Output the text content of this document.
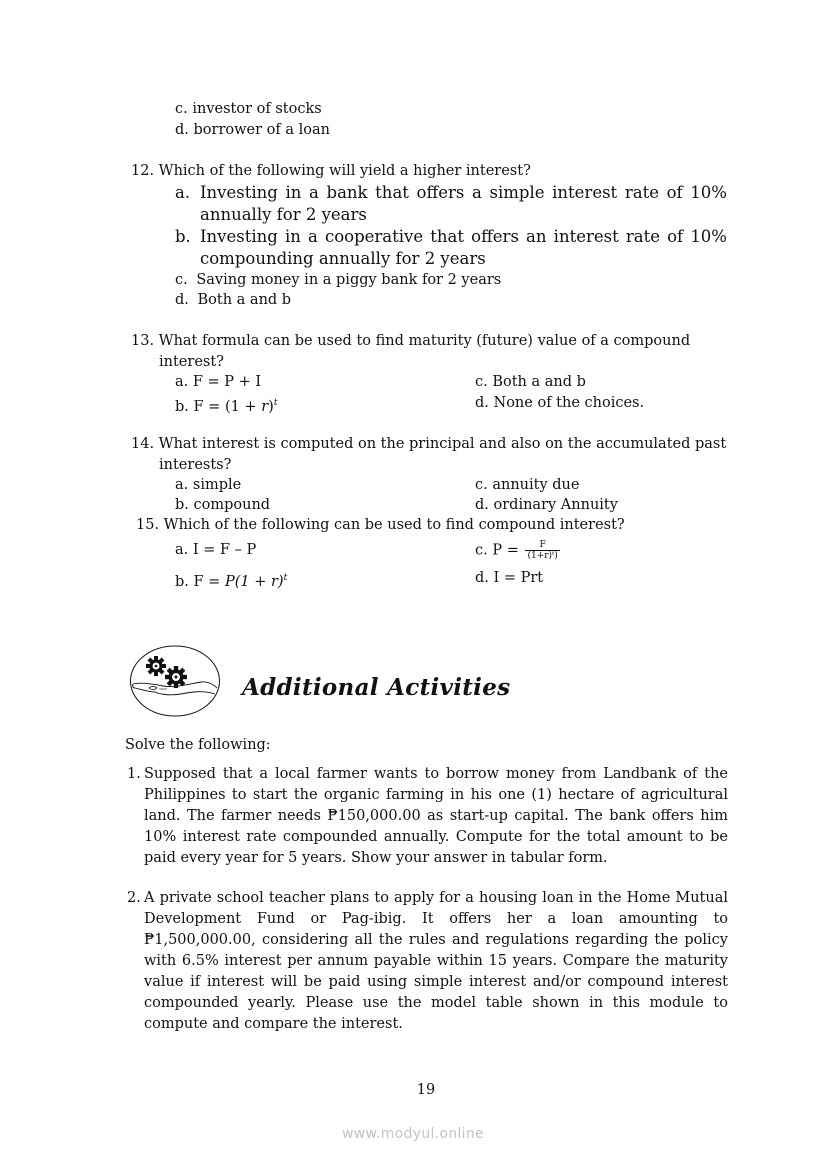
c. investor of stocks
d. borrower of a loan
12. Which of the following will yield a higher interest?
a. Investing in a bank that offers a simple interest rate of 10%
annually for 2 years
b. Investing in a cooperative that offers an interest rate of 10%
compounding annually for 2 years
c. Saving money in a piggy bank for 2 years
d. Both a and b
13. What formula can be used to find maturity (future) value of a compound
interest?
a. F = P + I
b. $F = (1 + r)^t$
c. Both a and b
d. None of the choices.
14. What interest is computed on the principal and also on the accumulated past
interests?
a. simple
b. compound
c. annuity due
d. ordinary Annuity
15. Which of the following can be used to find compound interest?
a. I = F – P
b. $F = P(1 + r)^t$
c. $P = \frac{F}{\text{(1+r)ᵗ)}}$
d. I = Prt
Additional Activities
Solve the following:
1. Supposed that a local farmer wants to borrow money from Landbank of the Philippines to start the organic farming in his one (1) hectare of agricultural land. The farmer needs ₱150,000.00 as start-up capital. The bank offers him 10% interest rate compounded annually. Compute for the total amount to be paid every year for 5 years. Show your answer in tabular form.
2. A private school teacher plans to apply for a housing loan in the Home Mutual Development Fund or Pag-ibig. It offers her a loan amounting to ₱1,500,000.00, considering all the rules and regulations regarding the policy with 6.5% interest per annum payable within 15 years. Compare the maturity value if interest will be paid using simple interest and/or compound interest compounded yearly. Please use the model table shown in this module to compute and compare the interest.
19
www.modyul.online
